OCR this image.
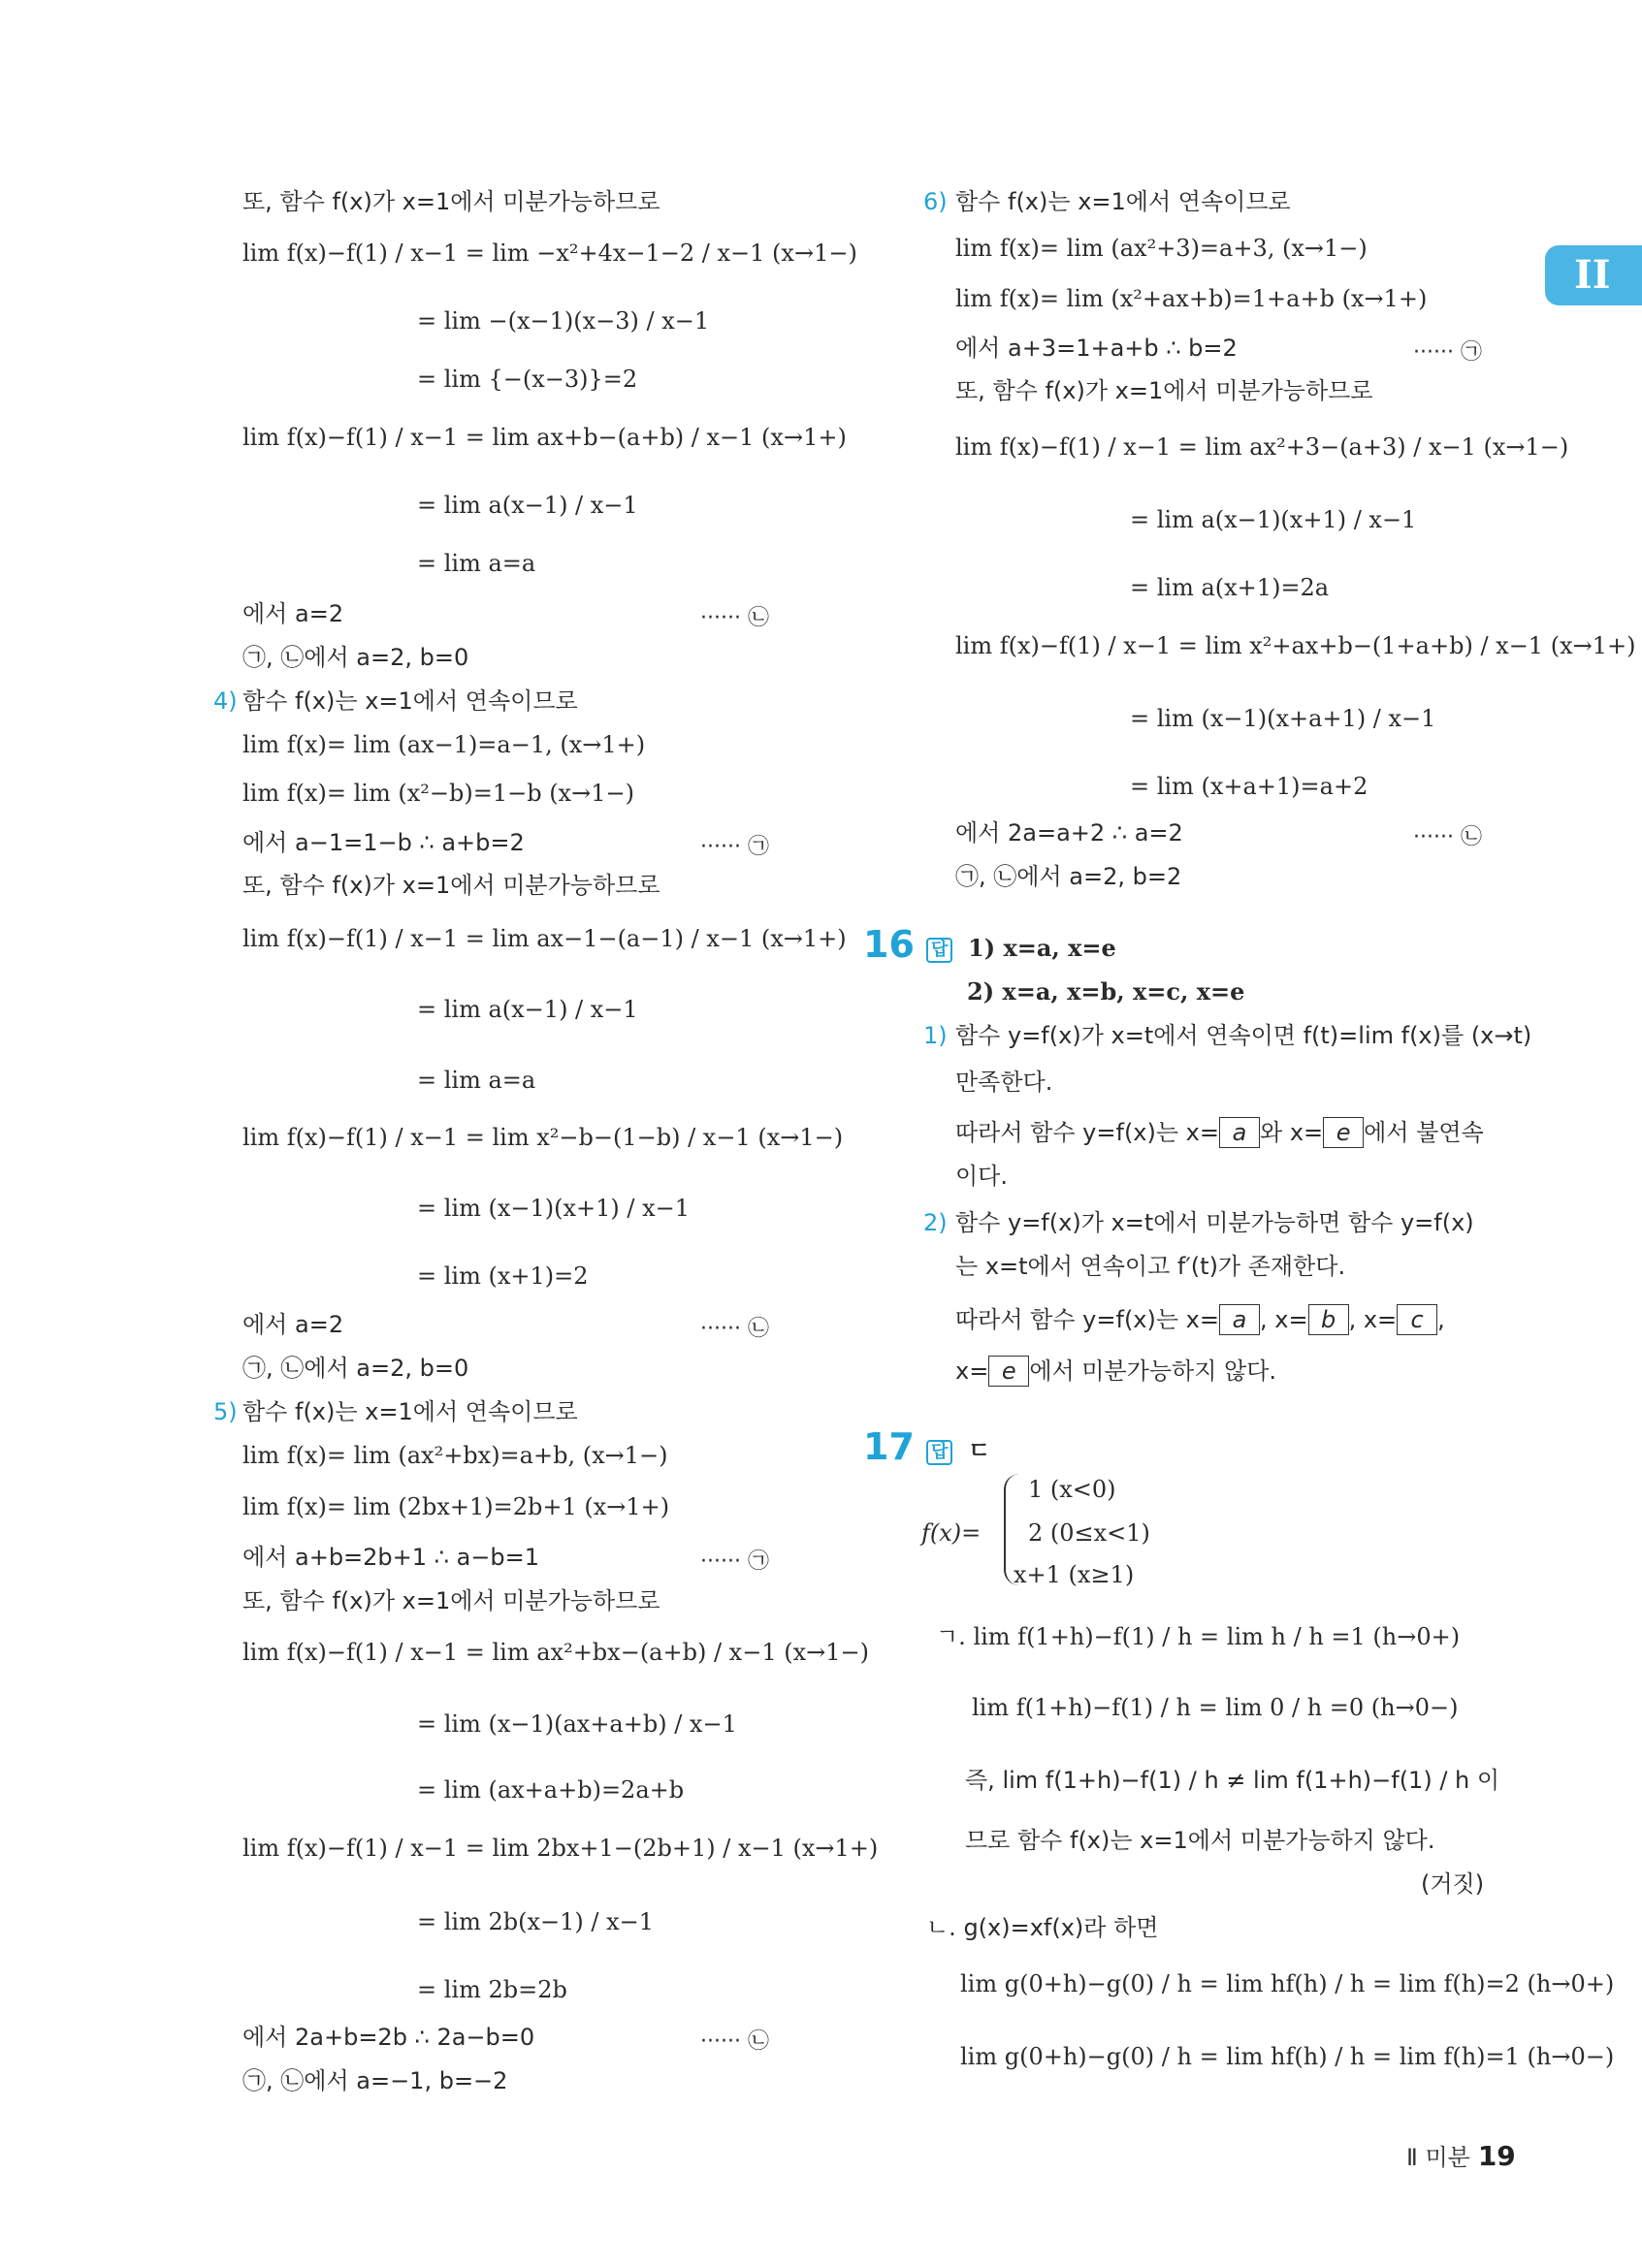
II
또, 함수 f(x)가 x=1에서 미분가능하므로
lim f(x)−f(1) / x−1 = lim −x²+4x−1−2 / x−1 (x→1−)
= lim −(x−1)(x−3) / x−1
= lim {−(x−3)}=2
lim f(x)−f(1) / x−1 = lim ax+b−(a+b) / x−1 (x→1+)
= lim a(x−1) / x−1
= lim a=a
에서 a=2	······ ㉡
㉠, ㉡에서 a=2, b=0
4) 함수 f(x)는 x=1에서 연속이므로
lim f(x)= lim (ax−1)=a−1, (x→1+)
lim f(x)= lim (x²−b)=1−b (x→1−)
에서 a−1=1−b ∴ a+b=2	······ ㉠
또, 함수 f(x)가 x=1에서 미분가능하므로
lim f(x)−f(1) / x−1 = lim ax−1−(a−1) / x−1 (x→1+)
= lim a(x−1) / x−1
= lim a=a
lim f(x)−f(1) / x−1 = lim x²−b−(1−b) / x−1 (x→1−)
= lim (x−1)(x+1) / x−1
= lim (x+1)=2
에서 a=2	······ ㉡
㉠, ㉡에서 a=2, b=0
5) 함수 f(x)는 x=1에서 연속이므로
lim f(x)= lim (ax²+bx)=a+b, (x→1−)
lim f(x)= lim (2bx+1)=2b+1 (x→1+)
에서 a+b=2b+1 ∴ a−b=1	······ ㉠
또, 함수 f(x)가 x=1에서 미분가능하므로
lim f(x)−f(1) / x−1 = lim ax²+bx−(a+b) / x−1 (x→1−)
= lim (x−1)(ax+a+b) / x−1
= lim (ax+a+b)=2a+b
lim f(x)−f(1) / x−1 = lim 2bx+1−(2b+1) / x−1 (x→1+)
= lim 2b(x−1) / x−1
= lim 2b=2b
에서 2a+b=2b ∴ 2a−b=0	······ ㉡
㉠, ㉡에서 a=−1, b=−2
6) 함수 f(x)는 x=1에서 연속이므로
lim f(x)= lim (ax²+3)=a+3, (x→1−)
lim f(x)= lim (x²+ax+b)=1+a+b (x→1+)
에서 a+3=1+a+b ∴ b=2	······ ㉠
또, 함수 f(x)가 x=1에서 미분가능하므로
lim f(x)−f(1) / x−1 = lim ax²+3−(a+3) / x−1 (x→1−)
= lim a(x−1)(x+1) / x−1
= lim a(x+1)=2a
lim f(x)−f(1) / x−1 = lim x²+ax+b−(1+a+b) / x−1 (x→1+)
= lim (x−1)(x+a+1) / x−1
= lim (x+a+1)=a+2
에서 2a=a+2 ∴ a=2	······ ㉡
㉠, ㉡에서 a=2, b=2
16 답 1) x=a, x=e
2) x=a, x=b, x=c, x=e
1) 함수 y=f(x)가 x=t에서 연속이면 f(t)=lim f(x)를 (x→t)
만족한다.
따라서 함수 y=f(x)는 x= a 와 x= e 에서 불연속
이다.
2) 함수 y=f(x)가 x=t에서 미분가능하면 함수 y=f(x)
는 x=t에서 연속이고 f′(t)가 존재한다.
따라서 함수 y=f(x)는 x= a , x= b , x= c ,
x= e 에서 미분가능하지 않다.
17 답 ㄷ
f(x)=
1 (x<0)
2 (0≤x<1)
x+1 (x≥1)
ㄱ. lim f(1+h)−f(1) / h = lim h / h =1 (h→0+)
lim f(1+h)−f(1) / h = lim 0 / h =0 (h→0−)
즉, lim f(1+h)−f(1) / h ≠ lim f(1+h)−f(1) / h 이
므로 함수 f(x)는 x=1에서 미분가능하지 않다.
(거짓)
ㄴ. g(x)=xf(x)라 하면
lim g(0+h)−g(0) / h = lim hf(h) / h = lim f(h)=2 (h→0+)
lim g(0+h)−g(0) / h = lim hf(h) / h = lim f(h)=1 (h→0−)
Ⅱ 미분 19
